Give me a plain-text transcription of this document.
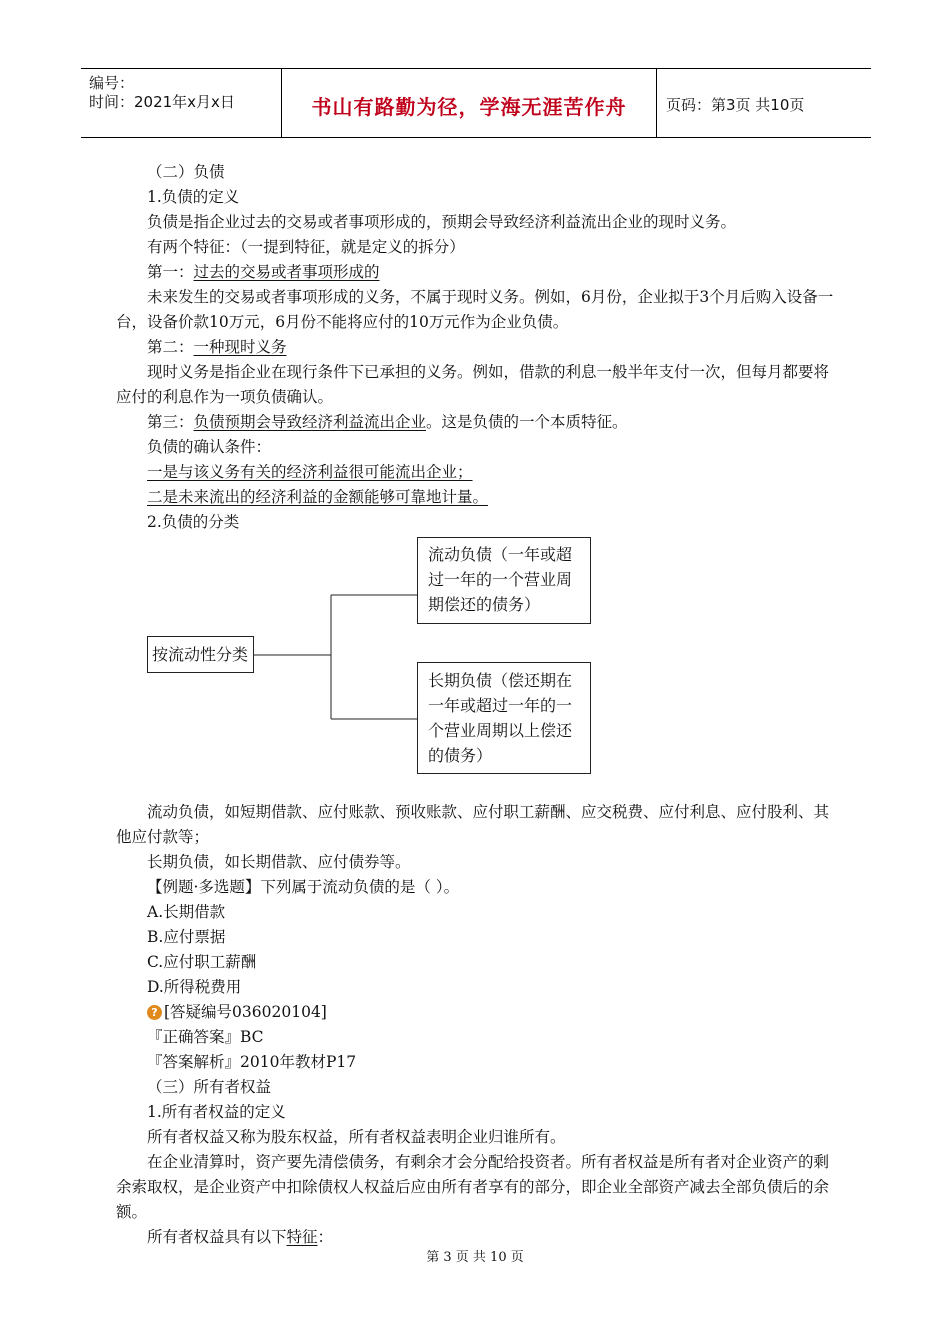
编号：
时间：2021年x月x日	书山有路勤为径，学海无涯苦作舟	页码：第3页 共10页

（二）负债

1.负债的定义

负债是指企业过去的交易或者事项形成的，预期会导致经济利益流出企业的现时义务。

有两个特征：（一提到特征，就是定义的拆分）

第一：过去的交易或者事项形成的

未来发生的交易或者事项形成的义务，不属于现时义务。例如，6月份，企业拟于3个月后购入设备一台，设备价款10万元，6月份不能将应付的10万元作为企业负债。

第二：一种现时义务

现时义务是指企业在现行条件下已承担的义务。例如，借款的利息一般半年支付一次，但每月都要将应付的利息作为一项负债确认。

第三：负债预期会导致经济利益流出企业。这是负债的一个本质特征。

负债的确认条件：

一是与该义务有关的经济利益很可能流出企业；

二是未来流出的经济利益的金额能够可靠地计量。

2.负债的分类

按流动性分类
流动负债（一年或超过一年的一个营业周期偿还的债务）
长期负债（偿还期在一年或超过一年的一个营业周期以上偿还的债务）

流动负债，如短期借款、应付账款、预收账款、应付职工薪酬、应交税费、应付利息、应付股利、其他应付款等；

长期负债，如长期借款、应付债券等。

【例题·多选题】下列属于流动负债的是（ ）。

A.长期借款

B.应付票据

C.应付职工薪酬

D.所得税费用

? [答疑编号036020104]

『正确答案』BC

『答案解析』2010年教材P17

（三）所有者权益

1.所有者权益的定义

所有者权益又称为股东权益，所有者权益表明企业归谁所有。

在企业清算时，资产要先清偿债务，有剩余才会分配给投资者。所有者权益是所有者对企业资产的剩余索取权，是企业资产中扣除债权人权益后应由所有者享有的部分，即企业全部资产减去全部负债后的余额。

所有者权益具有以下特征：

第 3 页 共 10 页
